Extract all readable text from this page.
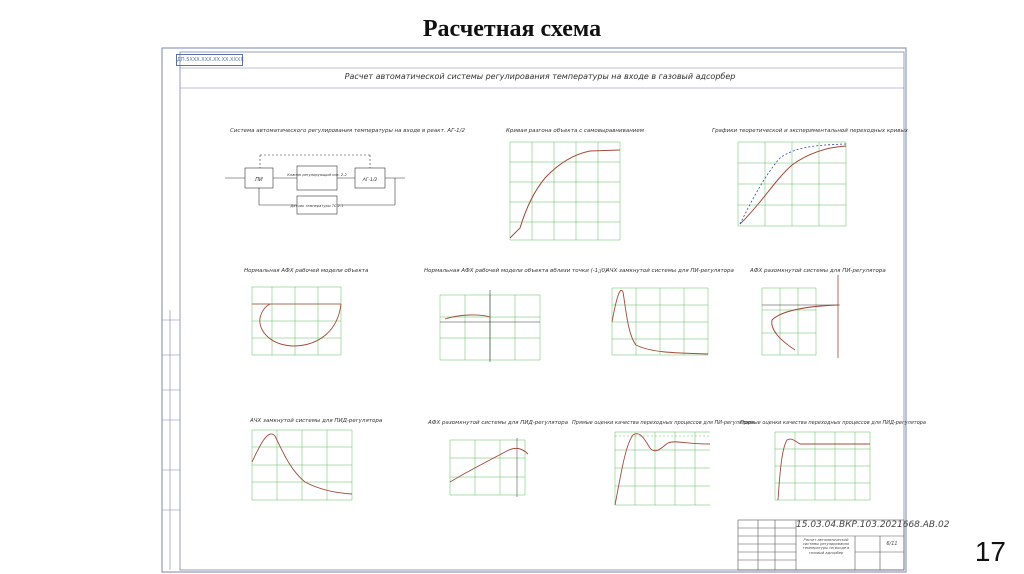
Расчетная схема
ПИ
Клапан регулирующий поз. 2-2
АГ-1/2
Датчик температуры ТС 2-1
ДП.5XXX.XXX.XX.XX.XXXX
Расчет автоматической системы регулирования температуры на входе в газовый адсорбер
Система автоматического регулирования температуры на входе в реакт. АГ-1/2	Кривая разгона объекта с самовыравниванием	Графики теоретической и экспериментальной переходных кривых
Нормальная АФХ рабочей модели объекта	Нормальная АФХ рабочей модели объекта вблизи точки (-1;j0)
АЧХ замкнутой системы для ПИ-регулятора	АФХ разомкнутой системы для ПИ-регулятора
АЧХ замкнутой системы для ПИД-регулятора	АФХ разомкнутой системы для ПИД-регулятора Прямые оценки качества переходных процессов для ПИ-регулятора
Прямые оценки качества переходных процессов для ПИД-регулятора
15.03.04.ВКР.103.2021668.АВ.02
Расчет автоматической системы регулирования температуры на входе в газовый адсорбер
6/11	17
